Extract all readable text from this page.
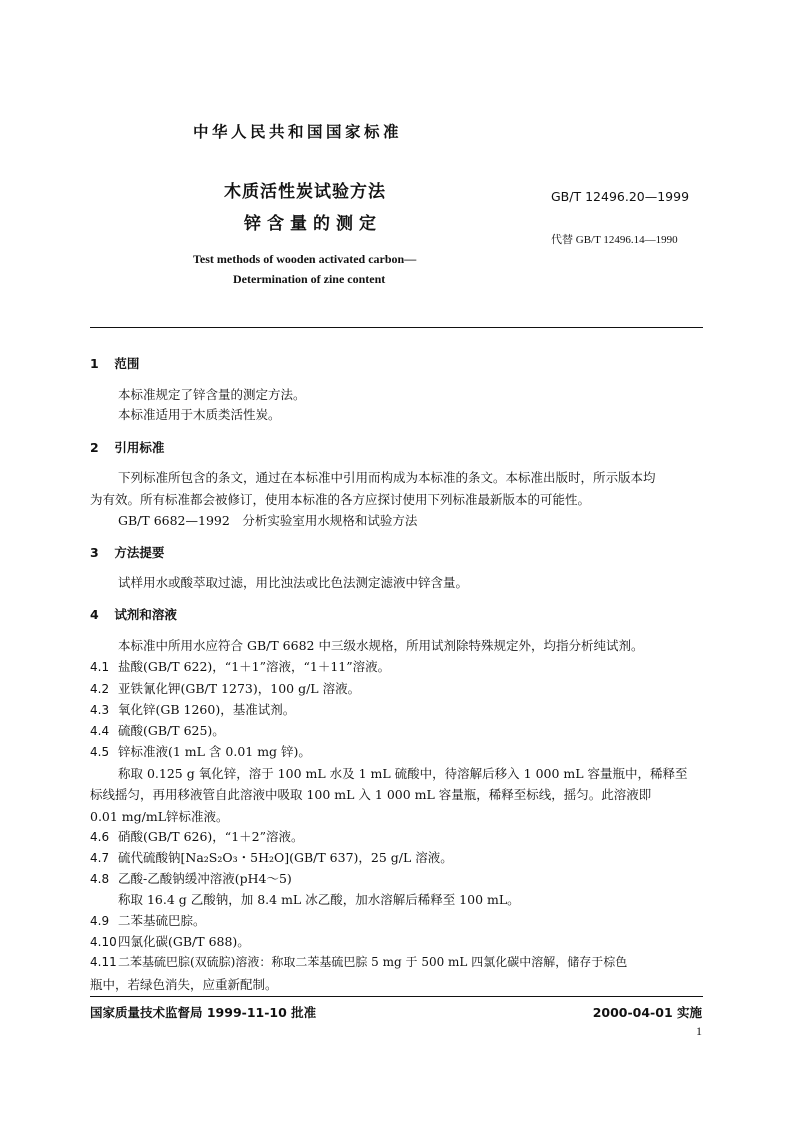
中华人民共和国国家标准
木质活性炭试验方法
锌含量的测定
GB/T 12496.20—1999
代替 GB/T 12496.14—1990
Test methods of wooden activated carbon—
Determination of zine content
1 范围
本标准规定了锌含量的测定方法。
本标准适用于木质类活性炭。
2 引用标准
下列标准所包含的条文，通过在本标准中引用而构成为本标准的条文。本标准出版时，所示版本均
为有效。所有标准都会被修订，使用本标准的各方应探讨使用下列标准最新版本的可能性。
GB/T 6682—1992　分析实验室用水规格和试验方法
3 方法提要
试样用水或酸萃取过滤，用比浊法或比色法测定滤液中锌含量。
4 试剂和溶液
本标准中所用水应符合 GB/T 6682 中三级水规格，所用试剂除特殊规定外，均指分析纯试剂。
4.1 盐酸(GB/T 622)，“1＋1”溶液，“1＋11”溶液。
4.2 亚铁氰化钾(GB/T 1273)，100 g/L 溶液。
4.3 氧化锌(GB 1260)，基准试剂。
4.4 硫酸(GB/T 625)。
4.5 锌标准液(1 mL 含 0.01 mg 锌)。
称取 0.125 g 氧化锌，溶于 100 mL 水及 1 mL 硫酸中，待溶解后移入 1 000 mL 容量瓶中，稀释至
标线摇匀，再用移液管自此溶液中吸取 100 mL 入 1 000 mL 容量瓶，稀释至标线，摇匀。此溶液即
0.01 mg/mL锌标准液。
4.6 硝酸(GB/T 626)，“1＋2”溶液。
4.7 硫代硫酸钠[Na₂S₂O₃・5H₂O](GB/T 637)，25 g/L 溶液。
4.8 乙酸-乙酸钠缓冲溶液(pH4～5)
称取 16.4 g 乙酸钠，加 8.4 mL 冰乙酸，加水溶解后稀释至 100 mL。
4.9 二苯基硫巴腙。
4.10四氯化碳(GB/T 688)。
4.11二苯基硫巴腙(双硫腙)溶液：称取二苯基硫巴腙 5 mg 于 500 mL 四氯化碳中溶解，储存于棕色
瓶中，若绿色消失，应重新配制。
国家质量技术监督局 1999-11-10 批准	2000-04-01 实施
1
